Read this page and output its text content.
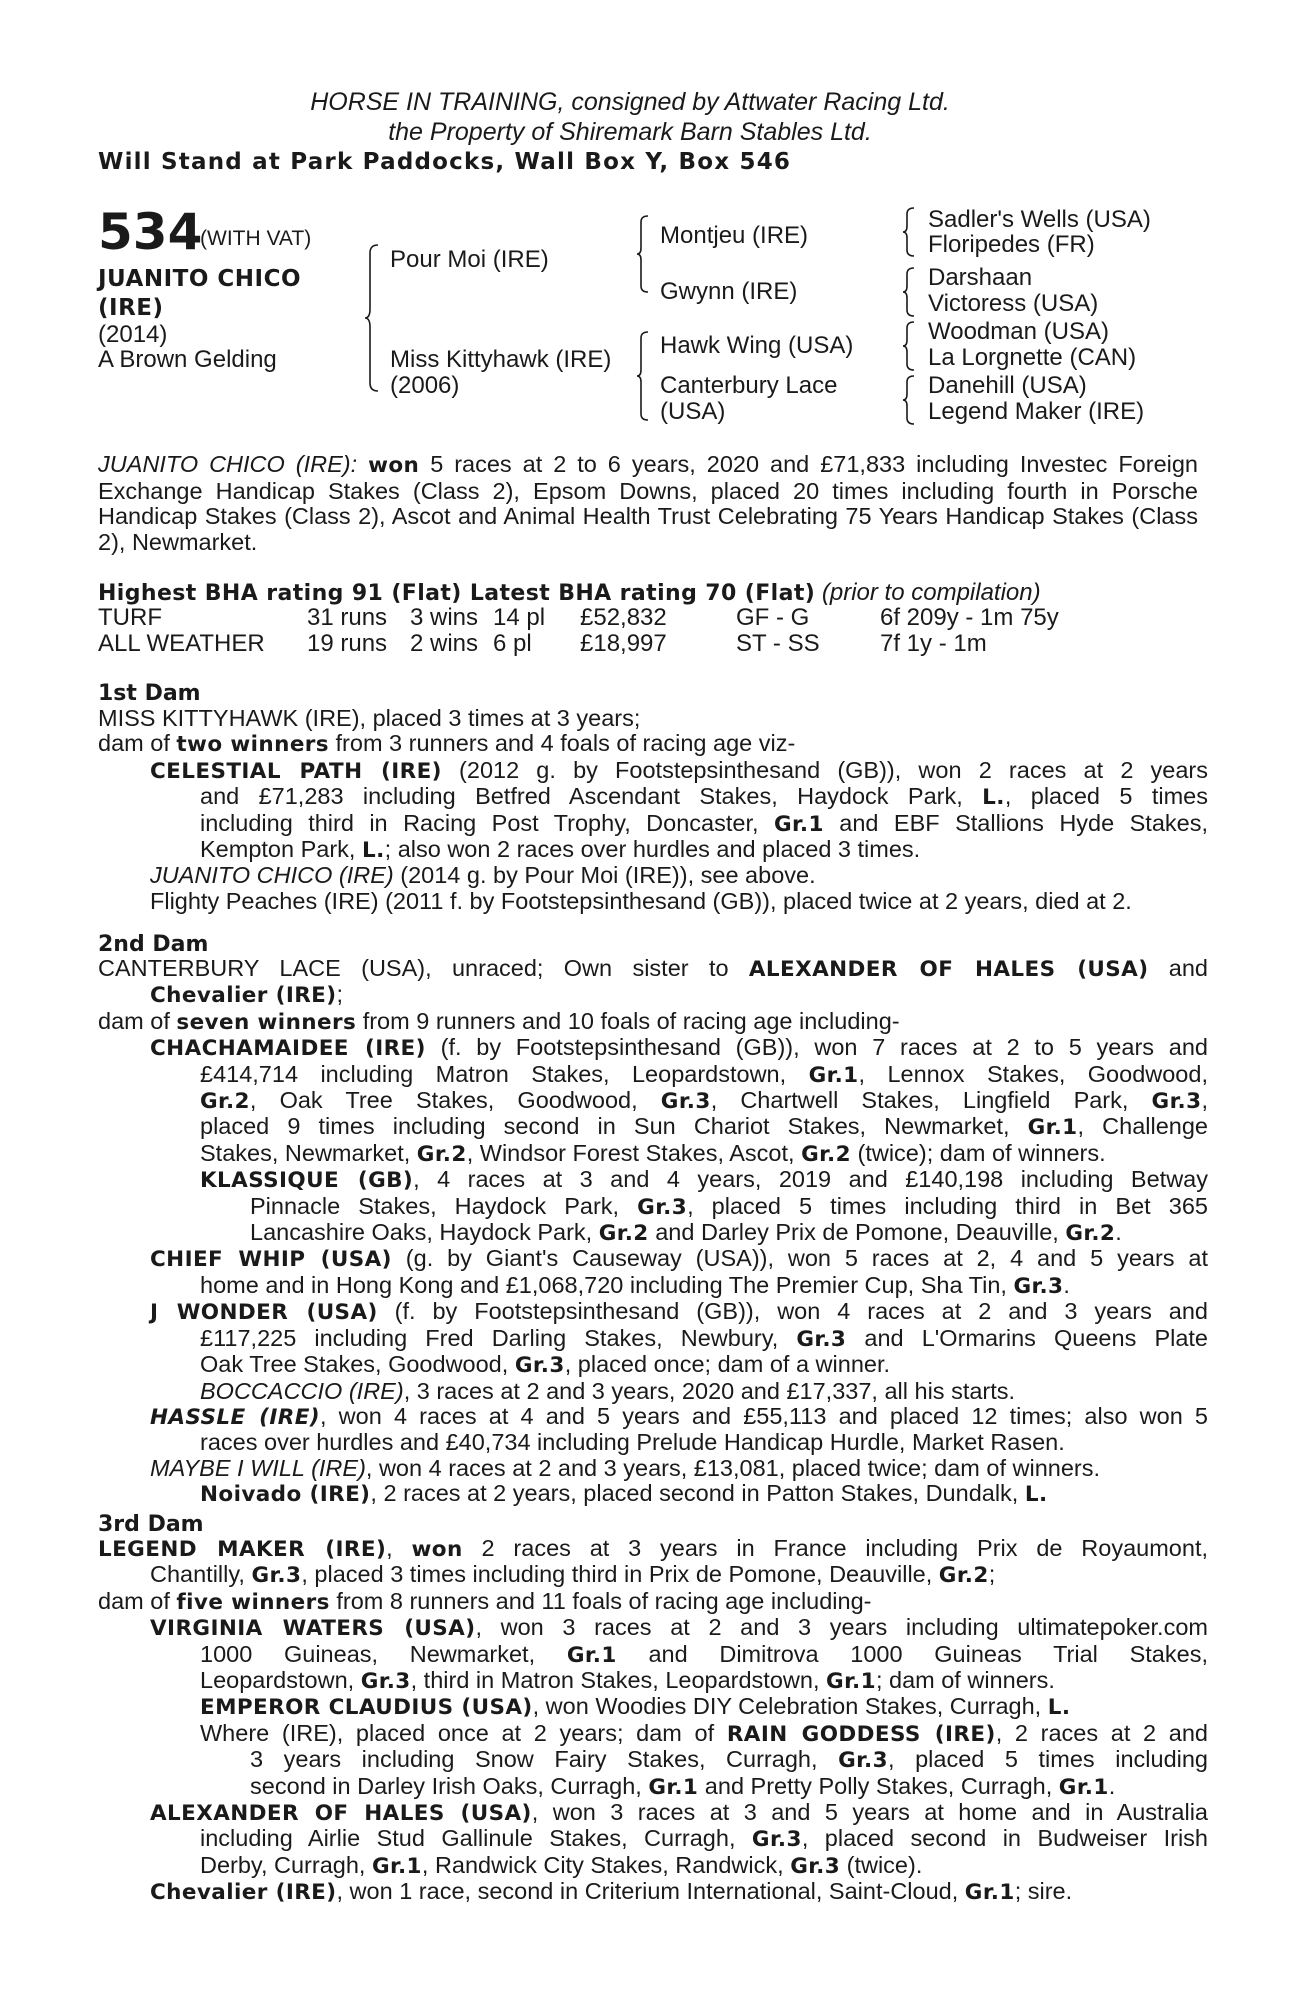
HORSE IN TRAINING, consigned by Attwater Racing Ltd.
the Property of Shiremark Barn Stables Ltd.
Will Stand at Park Paddocks, Wall Box Y, Box 546
534
(WITH VAT)
JUANITO CHICO
(IRE)
(2014)
A Brown Gelding
Pour Moi (IRE)
Miss Kittyhawk (IRE)
(2006)
Montjeu (IRE)
Gwynn (IRE)
Hawk Wing (USA)
Canterbury Lace
(USA)
Sadler's Wells (USA)
Floripedes (FR)
Darshaan
Victoress (USA)
Woodman (USA)
La Lorgnette (CAN)
Danehill (USA)
Legend Maker (IRE)
JUANITO CHICO (IRE): won 5 races at 2 to 6 years, 2020 and £71,833 including Investec Foreign Exchange Handicap Stakes (Class 2), Epsom Downs, placed 20 times including fourth in Porsche Handicap Stakes (Class 2), Ascot and Animal Health Trust Celebrating 75 Years Handicap Stakes (Class 2), Newmarket.
Highest BHA rating 91 (Flat) Latest BHA rating 70 (Flat) (prior to compilation)
TURF	31 runs 3 wins 14 pl £52,832	GF - G	6f 209y - 1m 75y
ALL WEATHER 19 runs 2 wins 6 pl £18,997	ST - SS	7f 1y - 1m
1st Dam
MISS KITTYHAWK (IRE), placed 3 times at 3 years;
dam of two winners from 3 runners and 4 foals of racing age viz-
CELESTIAL PATH (IRE) (2012 g. by Footstepsinthesand (GB)), won 2 races at 2 years
and £71,283 including Betfred Ascendant Stakes, Haydock Park, L., placed 5 times
including third in Racing Post Trophy, Doncaster, Gr.1 and EBF Stallions Hyde Stakes,
Kempton Park, L.; also won 2 races over hurdles and placed 3 times.
JUANITO CHICO (IRE) (2014 g. by Pour Moi (IRE)), see above.
Flighty Peaches (IRE) (2011 f. by Footstepsinthesand (GB)), placed twice at 2 years, died at 2.
2nd Dam
CANTERBURY LACE (USA), unraced; Own sister to ALEXANDER OF HALES (USA) and
Chevalier (IRE);
dam of seven winners from 9 runners and 10 foals of racing age including-
CHACHAMAIDEE (IRE) (f. by Footstepsinthesand (GB)), won 7 races at 2 to 5 years and
£414,714 including Matron Stakes, Leopardstown, Gr.1, Lennox Stakes, Goodwood,
Gr.2, Oak Tree Stakes, Goodwood, Gr.3, Chartwell Stakes, Lingfield Park, Gr.3,
placed 9 times including second in Sun Chariot Stakes, Newmarket, Gr.1, Challenge
Stakes, Newmarket, Gr.2, Windsor Forest Stakes, Ascot, Gr.2 (twice); dam of winners.
KLASSIQUE (GB), 4 races at 3 and 4 years, 2019 and £140,198 including Betway
Pinnacle Stakes, Haydock Park, Gr.3, placed 5 times including third in Bet 365
Lancashire Oaks, Haydock Park, Gr.2 and Darley Prix de Pomone, Deauville, Gr.2.
CHIEF WHIP (USA) (g. by Giant's Causeway (USA)), won 5 races at 2, 4 and 5 years at
home and in Hong Kong and £1,068,720 including The Premier Cup, Sha Tin, Gr.3.
J WONDER (USA) (f. by Footstepsinthesand (GB)), won 4 races at 2 and 3 years and
£117,225 including Fred Darling Stakes, Newbury, Gr.3 and L'Ormarins Queens Plate
Oak Tree Stakes, Goodwood, Gr.3, placed once; dam of a winner.
BOCCACCIO (IRE), 3 races at 2 and 3 years, 2020 and £17,337, all his starts.
HASSLE (IRE), won 4 races at 4 and 5 years and £55,113 and placed 12 times; also won 5
races over hurdles and £40,734 including Prelude Handicap Hurdle, Market Rasen.
MAYBE I WILL (IRE), won 4 races at 2 and 3 years, £13,081, placed twice; dam of winners.
Noivado (IRE), 2 races at 2 years, placed second in Patton Stakes, Dundalk, L.
3rd Dam
LEGEND MAKER (IRE), won 2 races at 3 years in France including Prix de Royaumont,
Chantilly, Gr.3, placed 3 times including third in Prix de Pomone, Deauville, Gr.2;
dam of five winners from 8 runners and 11 foals of racing age including-
VIRGINIA WATERS (USA), won 3 races at 2 and 3 years including ultimatepoker.com
1000 Guineas, Newmarket, Gr.1 and Dimitrova 1000 Guineas Trial Stakes,
Leopardstown, Gr.3, third in Matron Stakes, Leopardstown, Gr.1; dam of winners.
EMPEROR CLAUDIUS (USA), won Woodies DIY Celebration Stakes, Curragh, L.
Where (IRE), placed once at 2 years; dam of RAIN GODDESS (IRE), 2 races at 2 and
3 years including Snow Fairy Stakes, Curragh, Gr.3, placed 5 times including
second in Darley Irish Oaks, Curragh, Gr.1 and Pretty Polly Stakes, Curragh, Gr.1.
ALEXANDER OF HALES (USA), won 3 races at 3 and 5 years at home and in Australia
including Airlie Stud Gallinule Stakes, Curragh, Gr.3, placed second in Budweiser Irish
Derby, Curragh, Gr.1, Randwick City Stakes, Randwick, Gr.3 (twice).
Chevalier (IRE), won 1 race, second in Criterium International, Saint-Cloud, Gr.1; sire.
